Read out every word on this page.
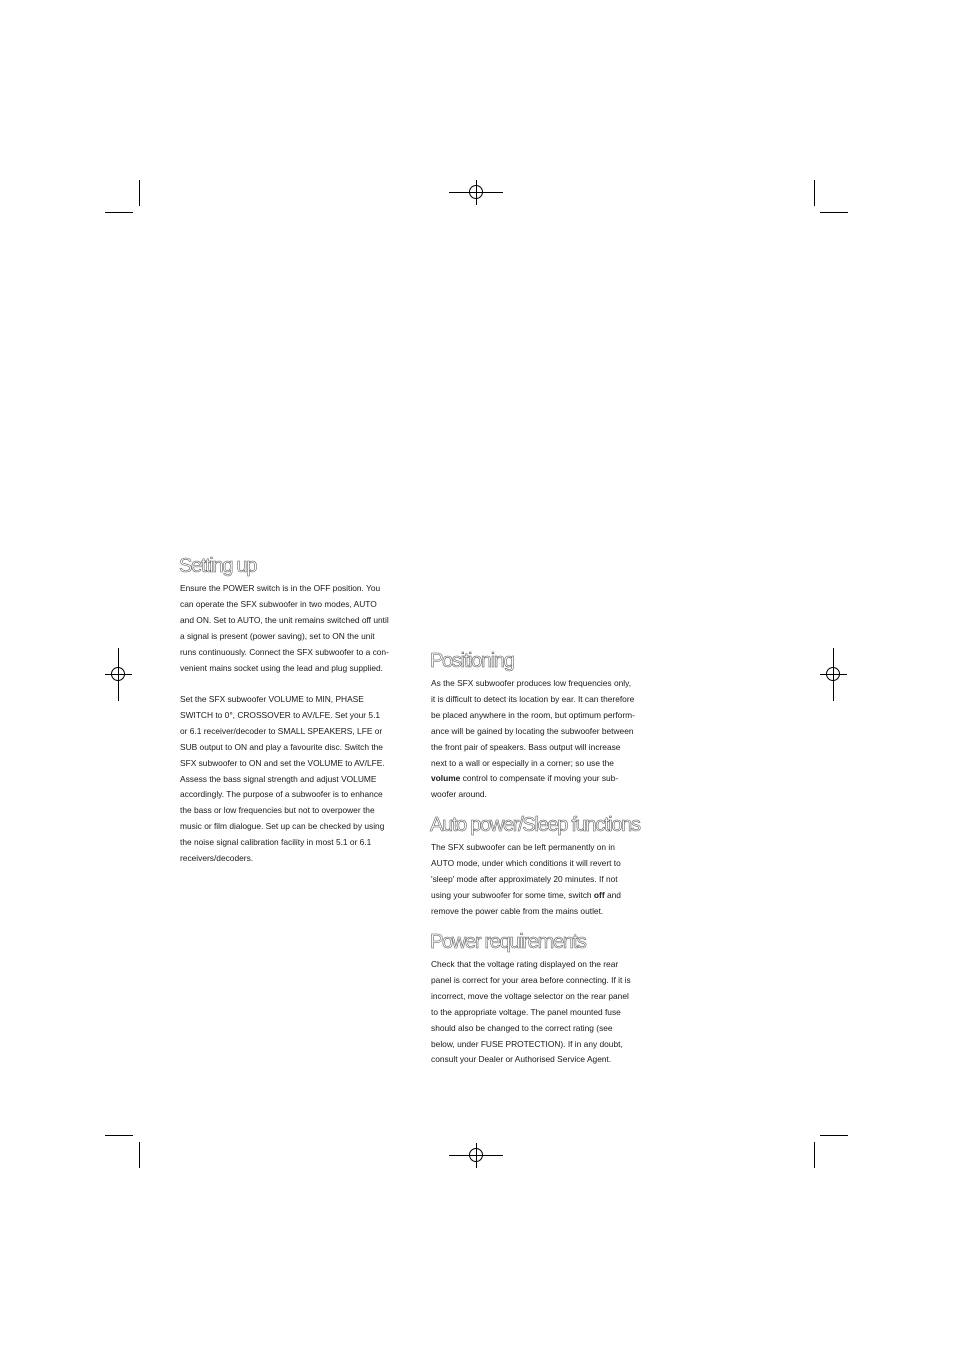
Setting up

Ensure the POWER switch is in the OFF position. You
can operate the SFX subwoofer in two modes, AUTO
and ON. Set to AUTO, the unit remains switched off until
a signal is present (power saving), set to ON the unit
runs continuously. Connect the SFX subwoofer to a con-
venient mains socket using the lead and plug supplied.

Set the SFX subwoofer VOLUME to MIN, PHASE
SWITCH to 0°, CROSSOVER to AV/LFE. Set your 5.1
or 6.1 receiver/decoder to SMALL SPEAKERS, LFE or
SUB output to ON and play a favourite disc. Switch the
SFX subwoofer to ON and set the VOLUME to AV/LFE.
Assess the bass signal strength and adjust VOLUME
accordingly. The purpose of a subwoofer is to enhance
the bass or low frequencies but not to overpower the
music or film dialogue. Set up can be checked by using
the noise signal calibration facility in most 5.1 or 6.1
receivers/decoders.

Positioning

As the SFX subwoofer produces low frequencies only,
it is difficult to detect its location by ear. It can therefore
be placed anywhere in the room, but optimum perform-
ance will be gained by locating the subwoofer between
the front pair of speakers. Bass output will increase
next to a wall or especially in a corner; so use the
volume control to compensate if moving your sub-
woofer around.

Auto power/Sleep functions

The SFX subwoofer can be left permanently on in
AUTO mode, under which conditions it will revert to
'sleep' mode after approximately 20 minutes. If not
using your subwoofer for some time, switch off and
remove the power cable from the mains outlet.

Power requirements

Check that the voltage rating displayed on the rear
panel is correct for your area before connecting. If it is
incorrect, move the voltage selector on the rear panel
to the appropriate voltage. The panel mounted fuse
should also be changed to the correct rating (see
below, under FUSE PROTECTION). If in any doubt,
consult your Dealer or Authorised Service Agent.
